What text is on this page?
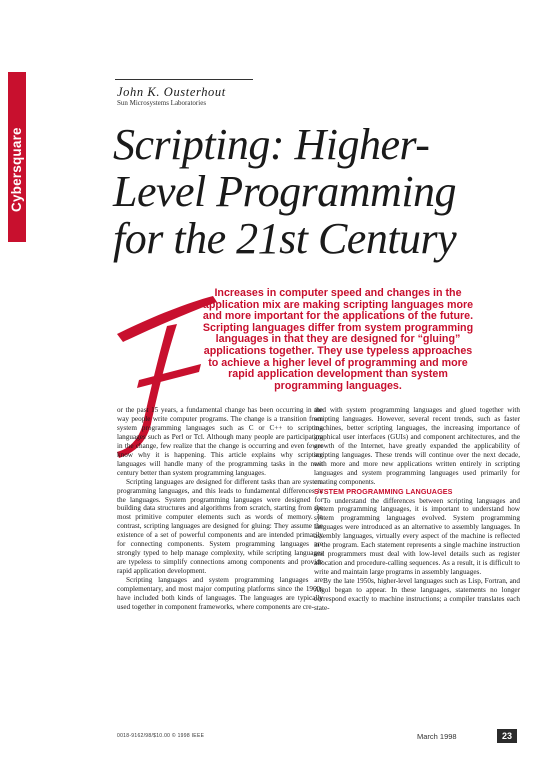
Cybersquare
John K. Ousterhout
Sun Microsystems Laboratories
Scripting: Higher-
Level Programming
for the 21st Century

Increases in computer speed and changes in the application mix are making scripting languages more and more important for the applications of the future. Scripting languages differ from system programming languages in that they are designed for “gluing” applications together. They use typeless approaches to achieve a higher level of programming and more rapid application development than system programming languages.

or the past 15 years, a fundamental change has been occurring in the way people write computer programs. The change is a transition from system programming languages such as C or C++ to scripting languages such as Perl or Tcl. Although many people are participating in the change, few realize that the change is occurring and even fewer know why it is happening. This article explains why scripting languages will handle many of the programming tasks in the next century better than system programming languages.

Scripting languages are designed for different tasks than are system programming languages, and this leads to fundamental differences in the languages. System programming languages were designed for building data structures and algorithms from scratch, starting from the most primitive computer elements such as words of memory. In contrast, scripting languages are designed for gluing: They assume the existence of a set of powerful components and are intended primarily for connecting components. System programming languages are strongly typed to help manage complexity, while scripting languages are typeless to simplify connections among components and provide rapid application development.

Scripting languages and system programming languages are complementary, and most major computing platforms since the 1960s have included both kinds of languages. The languages are typically used together in component frameworks, where components are cre-

ated with system programming languages and glued together with scripting languages. However, several recent trends, such as faster machines, better scripting languages, the increasing importance of graphical user interfaces (GUIs) and component architectures, and the growth of the Internet, have greatly expanded the applicability of scripting languages. These trends will continue over the next decade, with more and more new applications written entirely in scripting languages and system programming languages used primarily for creating components.

SYSTEM PROGRAMMING LANGUAGES

To understand the differences between scripting languages and system programming languages, it is important to understand how system programming languages evolved. System programming languages were introduced as an alternative to assembly languages. In assembly languages, virtually every aspect of the machine is reflected in the program. Each statement represents a single machine instruction and programmers must deal with low-level details such as register allocation and procedure-calling sequences. As a result, it is difficult to write and maintain large programs in assembly languages.

By the late 1950s, higher-level languages such as Lisp, Fortran, and Algol began to appear. In these languages, statements no longer correspond exactly to machine instructions; a compiler translates each state-

0018-9162/98/$10.00 © 1998 IEEE	March 1998	23
